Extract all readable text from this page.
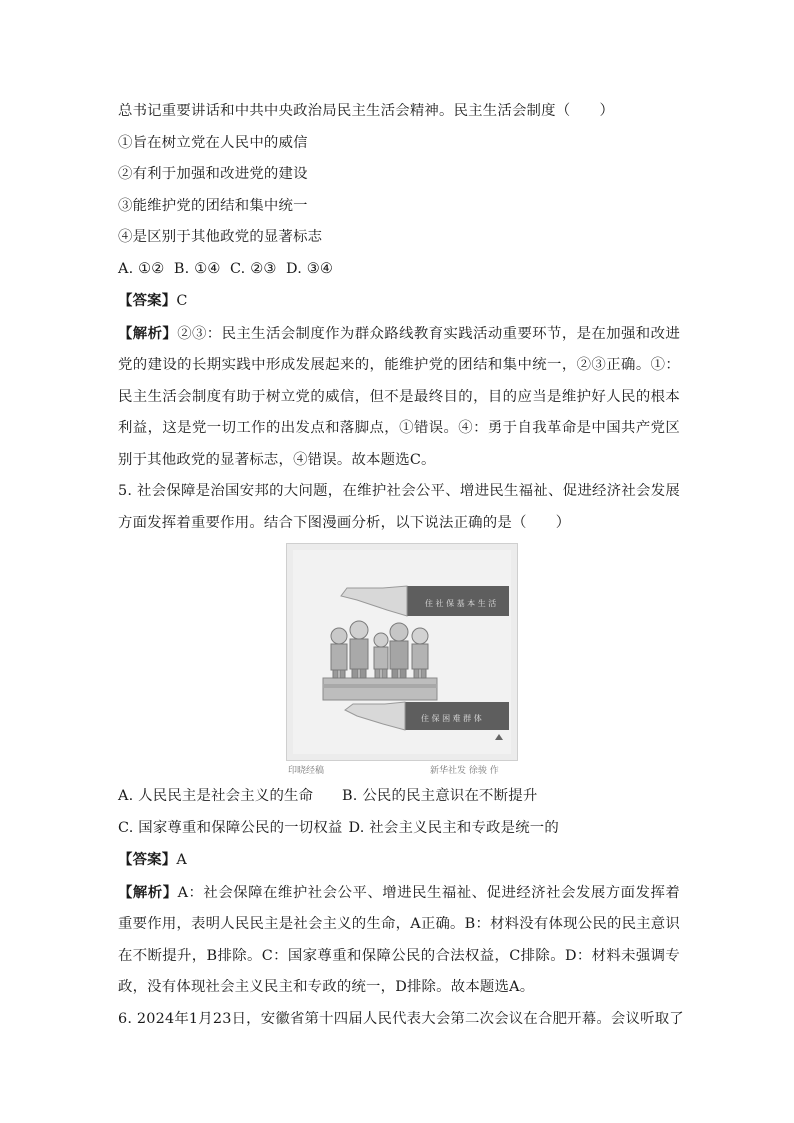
总书记重要讲话和中共中央政治局民主生活会精神。民主生活会制度（　　）
①旨在树立党在人民中的威信
②有利于加强和改进党的建设
③能维护党的团结和集中统一
④是区别于其他政党的显著标志
A. ①②  B. ①④  C. ②③  D. ③④
【答案】C
【解析】②③：民主生活会制度作为群众路线教育实践活动重要环节，是在加强和改进党的建设的长期实践中形成发展起来的，能维护党的团结和集中统一，②③正确。①：民主生活会制度有助于树立党的威信，但不是最终目的，目的应当是维护好人民的根本利益，这是党一切工作的出发点和落脚点，①错误。④：勇于自我革命是中国共产党区别于其他政党的显著标志，④错误。故本题选C。
5. 社会保障是治国安邦的大问题，在维护社会公平、增进民生福祉、促进经济社会发展方面发挥着重要作用。结合下图漫画分析，以下说法正确的是（　　）
住 社 保 基 本 生 活
住 保 困 难 群 体
印晓经稿	新华社发 徐骏 作
A. 人民民主是社会主义的生命	B. 公民的民主意识在不断提升
C. 国家尊重和保障公民的一切权益 D. 社会主义民主和专政是统一的
【答案】A
【解析】A：社会保障在维护社会公平、增进民生福祉、促进经济社会发展方面发挥着重要作用，表明人民民主是社会主义的生命，A正确。B：材料没有体现公民的民主意识在不断提升，B排除。C：国家尊重和保障公民的合法权益，C排除。D：材料未强调专政，没有体现社会主义民主和专政的统一，D排除。故本题选A。
6. 2024年1月23日，安徽省第十四届人民代表大会第二次会议在合肥开幕。会议听取了
